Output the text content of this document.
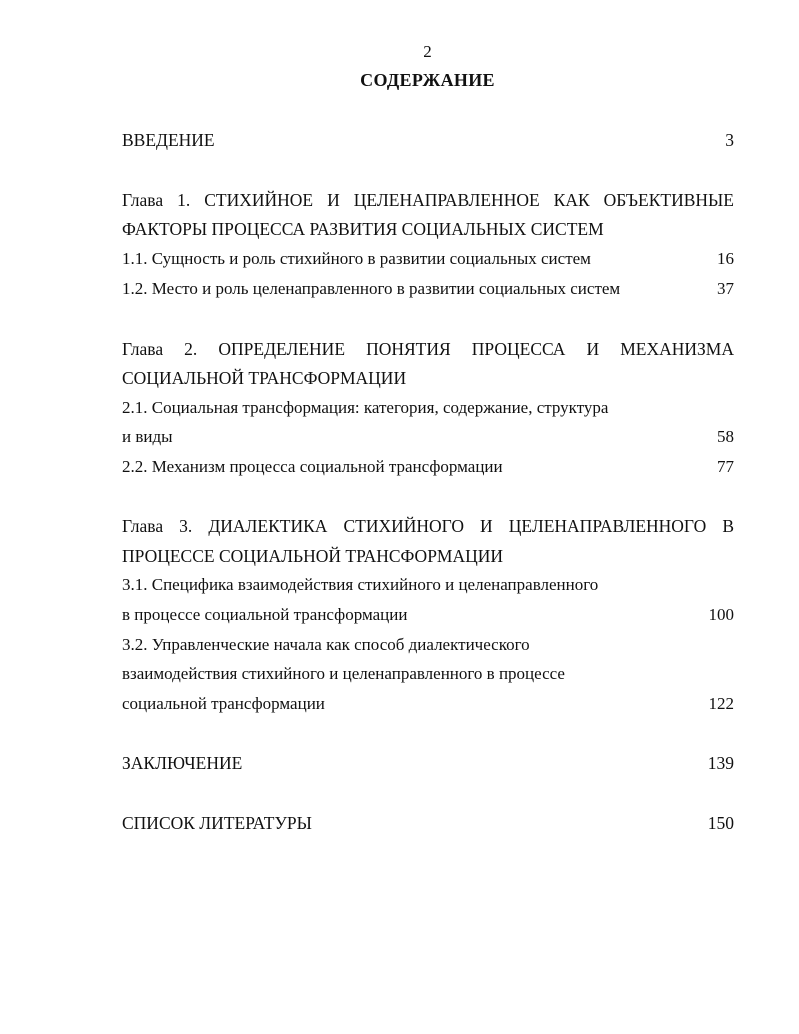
2
СОДЕРЖАНИЕ
ВВЕДЕНИЕ	3
Глава 1. СТИХИЙНОЕ И ЦЕЛЕНАПРАВЛЕННОЕ КАК ОБЪЕКТИВНЫЕ
ФАКТОРЫ ПРОЦЕССА РАЗВИТИЯ СОЦИАЛЬНЫХ СИСТЕМ
1.1. Сущность и роль стихийного в развитии социальных систем	16
1.2. Место и роль целенаправленного в развитии социальных систем	37
Глава 2. ОПРЕДЕЛЕНИЕ ПОНЯТИЯ ПРОЦЕССА И МЕХАНИЗМА
СОЦИАЛЬНОЙ ТРАНСФОРМАЦИИ
2.1. Социальная трансформация: категория, содержание, структура
и виды	58
2.2. Механизм процесса социальной трансформации	77
Глава 3. ДИАЛЕКТИКА СТИХИЙНОГО И ЦЕЛЕНАПРАВЛЕННОГО В
ПРОЦЕССЕ СОЦИАЛЬНОЙ ТРАНСФОРМАЦИИ
3.1. Специфика взаимодействия стихийного и целенаправленного
в процессе социальной трансформации	100
3.2. Управленческие начала как способ диалектического
взаимодействия стихийного и целенаправленного в процессе
социальной трансформации	122
ЗАКЛЮЧЕНИЕ	139
СПИСОК ЛИТЕРАТУРЫ	150
